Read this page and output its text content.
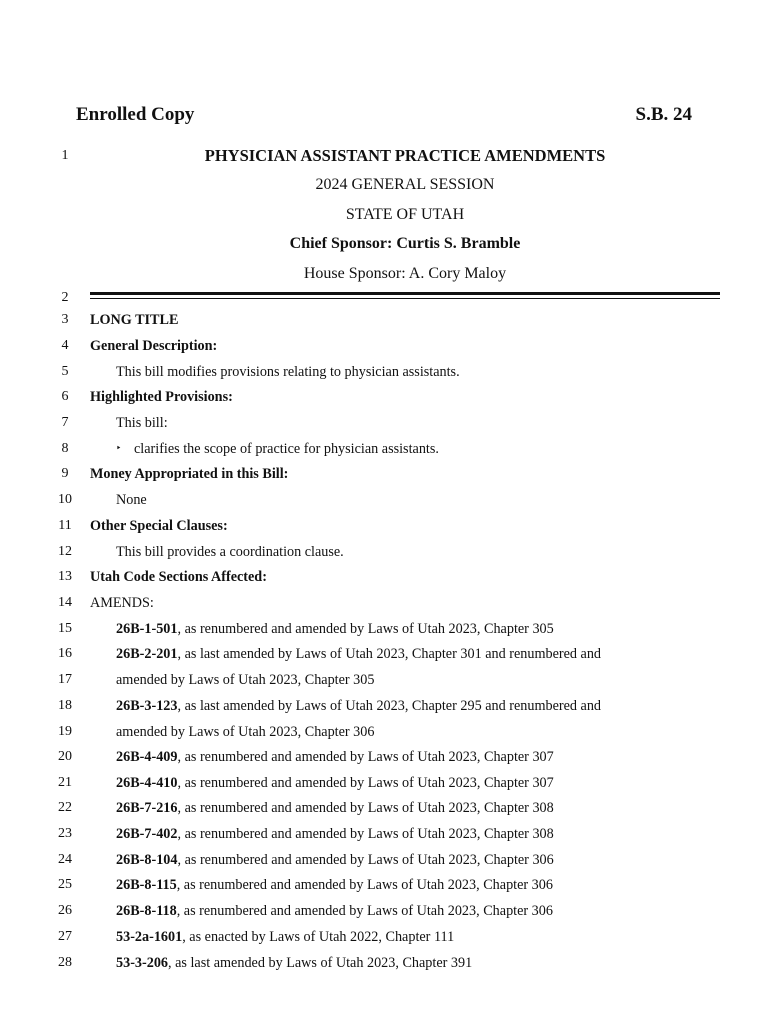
Enrolled Copy	S.B. 24
1	PHYSICIAN ASSISTANT PRACTICE AMENDMENTS
2024 GENERAL SESSION
STATE OF UTAH
Chief Sponsor: Curtis S. Bramble
House Sponsor: A. Cory Maloy
2
3	LONG TITLE
4	General Description:
5	This bill modifies provisions relating to physician assistants.
6	Highlighted Provisions:
7	This bill:
8	‣ clarifies the scope of practice for physician assistants.
9	Money Appropriated in this Bill:
10	None
11 Other Special Clauses:
12	This bill provides a coordination clause.
13 Utah Code Sections Affected:
14 AMENDS:
15	26B-1-501, as renumbered and amended by Laws of Utah 2023, Chapter 305
16	26B-2-201, as last amended by Laws of Utah 2023, Chapter 301 and renumbered and
17	amended by Laws of Utah 2023, Chapter 305
18	26B-3-123, as last amended by Laws of Utah 2023, Chapter 295 and renumbered and
19	amended by Laws of Utah 2023, Chapter 306
20	26B-4-409, as renumbered and amended by Laws of Utah 2023, Chapter 307
21	26B-4-410, as renumbered and amended by Laws of Utah 2023, Chapter 307
22	26B-7-216, as renumbered and amended by Laws of Utah 2023, Chapter 308
23	26B-7-402, as renumbered and amended by Laws of Utah 2023, Chapter 308
24	26B-8-104, as renumbered and amended by Laws of Utah 2023, Chapter 306
25	26B-8-115, as renumbered and amended by Laws of Utah 2023, Chapter 306
26	26B-8-118, as renumbered and amended by Laws of Utah 2023, Chapter 306
27	53-2a-1601, as enacted by Laws of Utah 2022, Chapter 111
28	53-3-206, as last amended by Laws of Utah 2023, Chapter 391
